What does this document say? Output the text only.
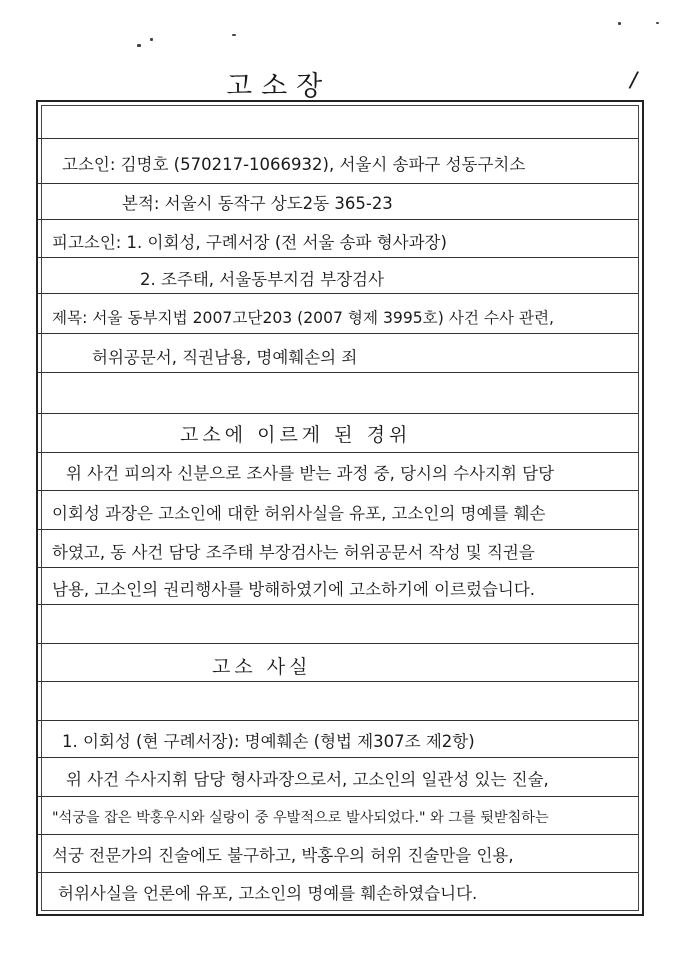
/
고소장
고소인: 김명호 (570217-1066932), 서울시 송파구 성동구치소
본적: 서울시 동작구 상도2동 365-23
피고소인: 1. 이회성, 구례서장 (전 서울 송파 형사과장)
2. 조주태, 서울동부지검 부장검사
제목: 서울 동부지법 2007고단203 (2007 형제 3995호) 사건 수사 관련,
허위공문서, 직권남용, 명예훼손의 죄
고소에 이르게 된 경위
위 사건 피의자 신분으로 조사를 받는 과정 중, 당시의 수사지휘 담당
이회성 과장은 고소인에 대한 허위사실을 유포, 고소인의 명예를 훼손
하였고, 동 사건 담당 조주태 부장검사는 허위공문서 작성 및 직권을
남용, 고소인의 권리행사를 방해하였기에 고소하기에 이르렀습니다.
고소 사실
1. 이회성 (현 구례서장): 명예훼손 (형법 제307조 제2항)
위 사건 수사지휘 담당 형사과장으로서, 고소인의 일관성 있는 진술,
"석궁을 잡은 박홍우시와 실랑이 중 우발적으로 발사되었다." 와 그를 뒷받침하는
석궁 전문가의 진술에도 불구하고, 박홍우의 허위 진술만을 인용,
허위사실을 언론에 유포, 고소인의 명예를 훼손하였습니다.
